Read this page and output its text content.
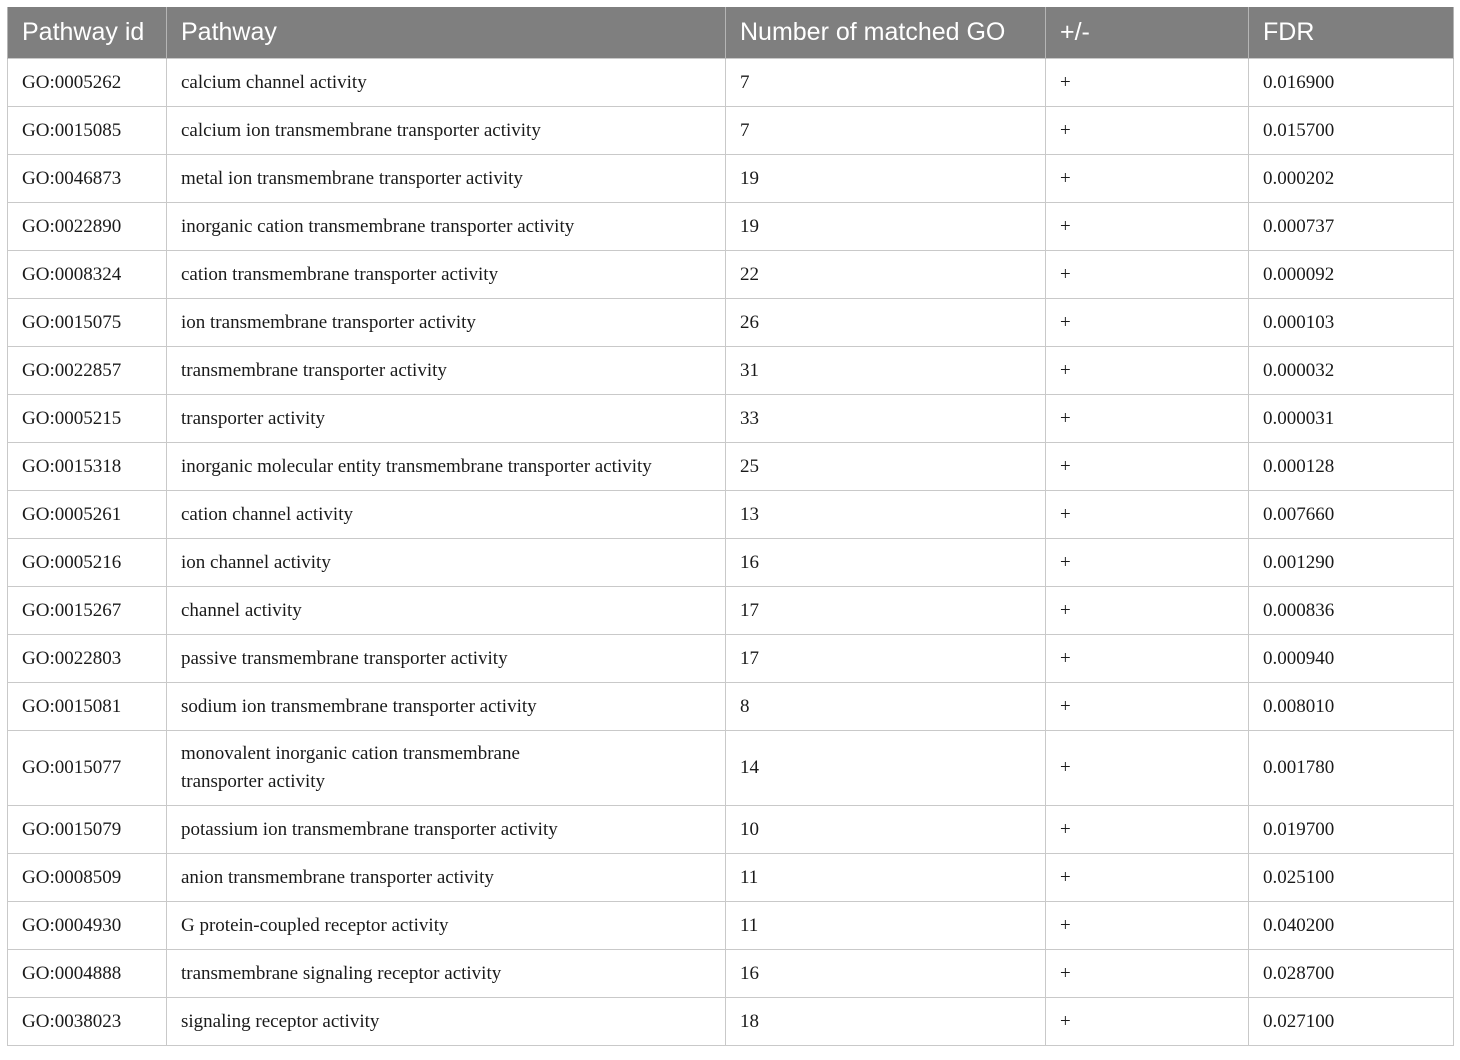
Pathway id	Pathway	Number of matched GO	+/-	FDR
GO:0005262	calcium channel activity	7	+	0.016900
GO:0015085	calcium ion transmembrane transporter activity	7	+	0.015700
GO:0046873	metal ion transmembrane transporter activity	19	+	0.000202
GO:0022890	inorganic cation transmembrane transporter activity	19	+	0.000737
GO:0008324	cation transmembrane transporter activity	22	+	0.000092
GO:0015075	ion transmembrane transporter activity	26	+	0.000103
GO:0022857	transmembrane transporter activity	31	+	0.000032
GO:0005215	transporter activity	33	+	0.000031
GO:0015318	inorganic molecular entity transmembrane transporter activity	25	+	0.000128
GO:0005261	cation channel activity	13	+	0.007660
GO:0005216	ion channel activity	16	+	0.001290
GO:0015267	channel activity	17	+	0.000836
GO:0022803	passive transmembrane transporter activity	17	+	0.000940
GO:0015081	sodium ion transmembrane transporter activity	8	+	0.008010
GO:0015077	monovalent inorganic cation transmembrane transporter activity	14	+	0.001780
GO:0015079	potassium ion transmembrane transporter activity	10	+	0.019700
GO:0008509	anion transmembrane transporter activity	11	+	0.025100
GO:0004930	G protein-coupled receptor activity	11	+	0.040200
GO:0004888	transmembrane signaling receptor activity	16	+	0.028700
GO:0038023	signaling receptor activity	18	+	0.027100
